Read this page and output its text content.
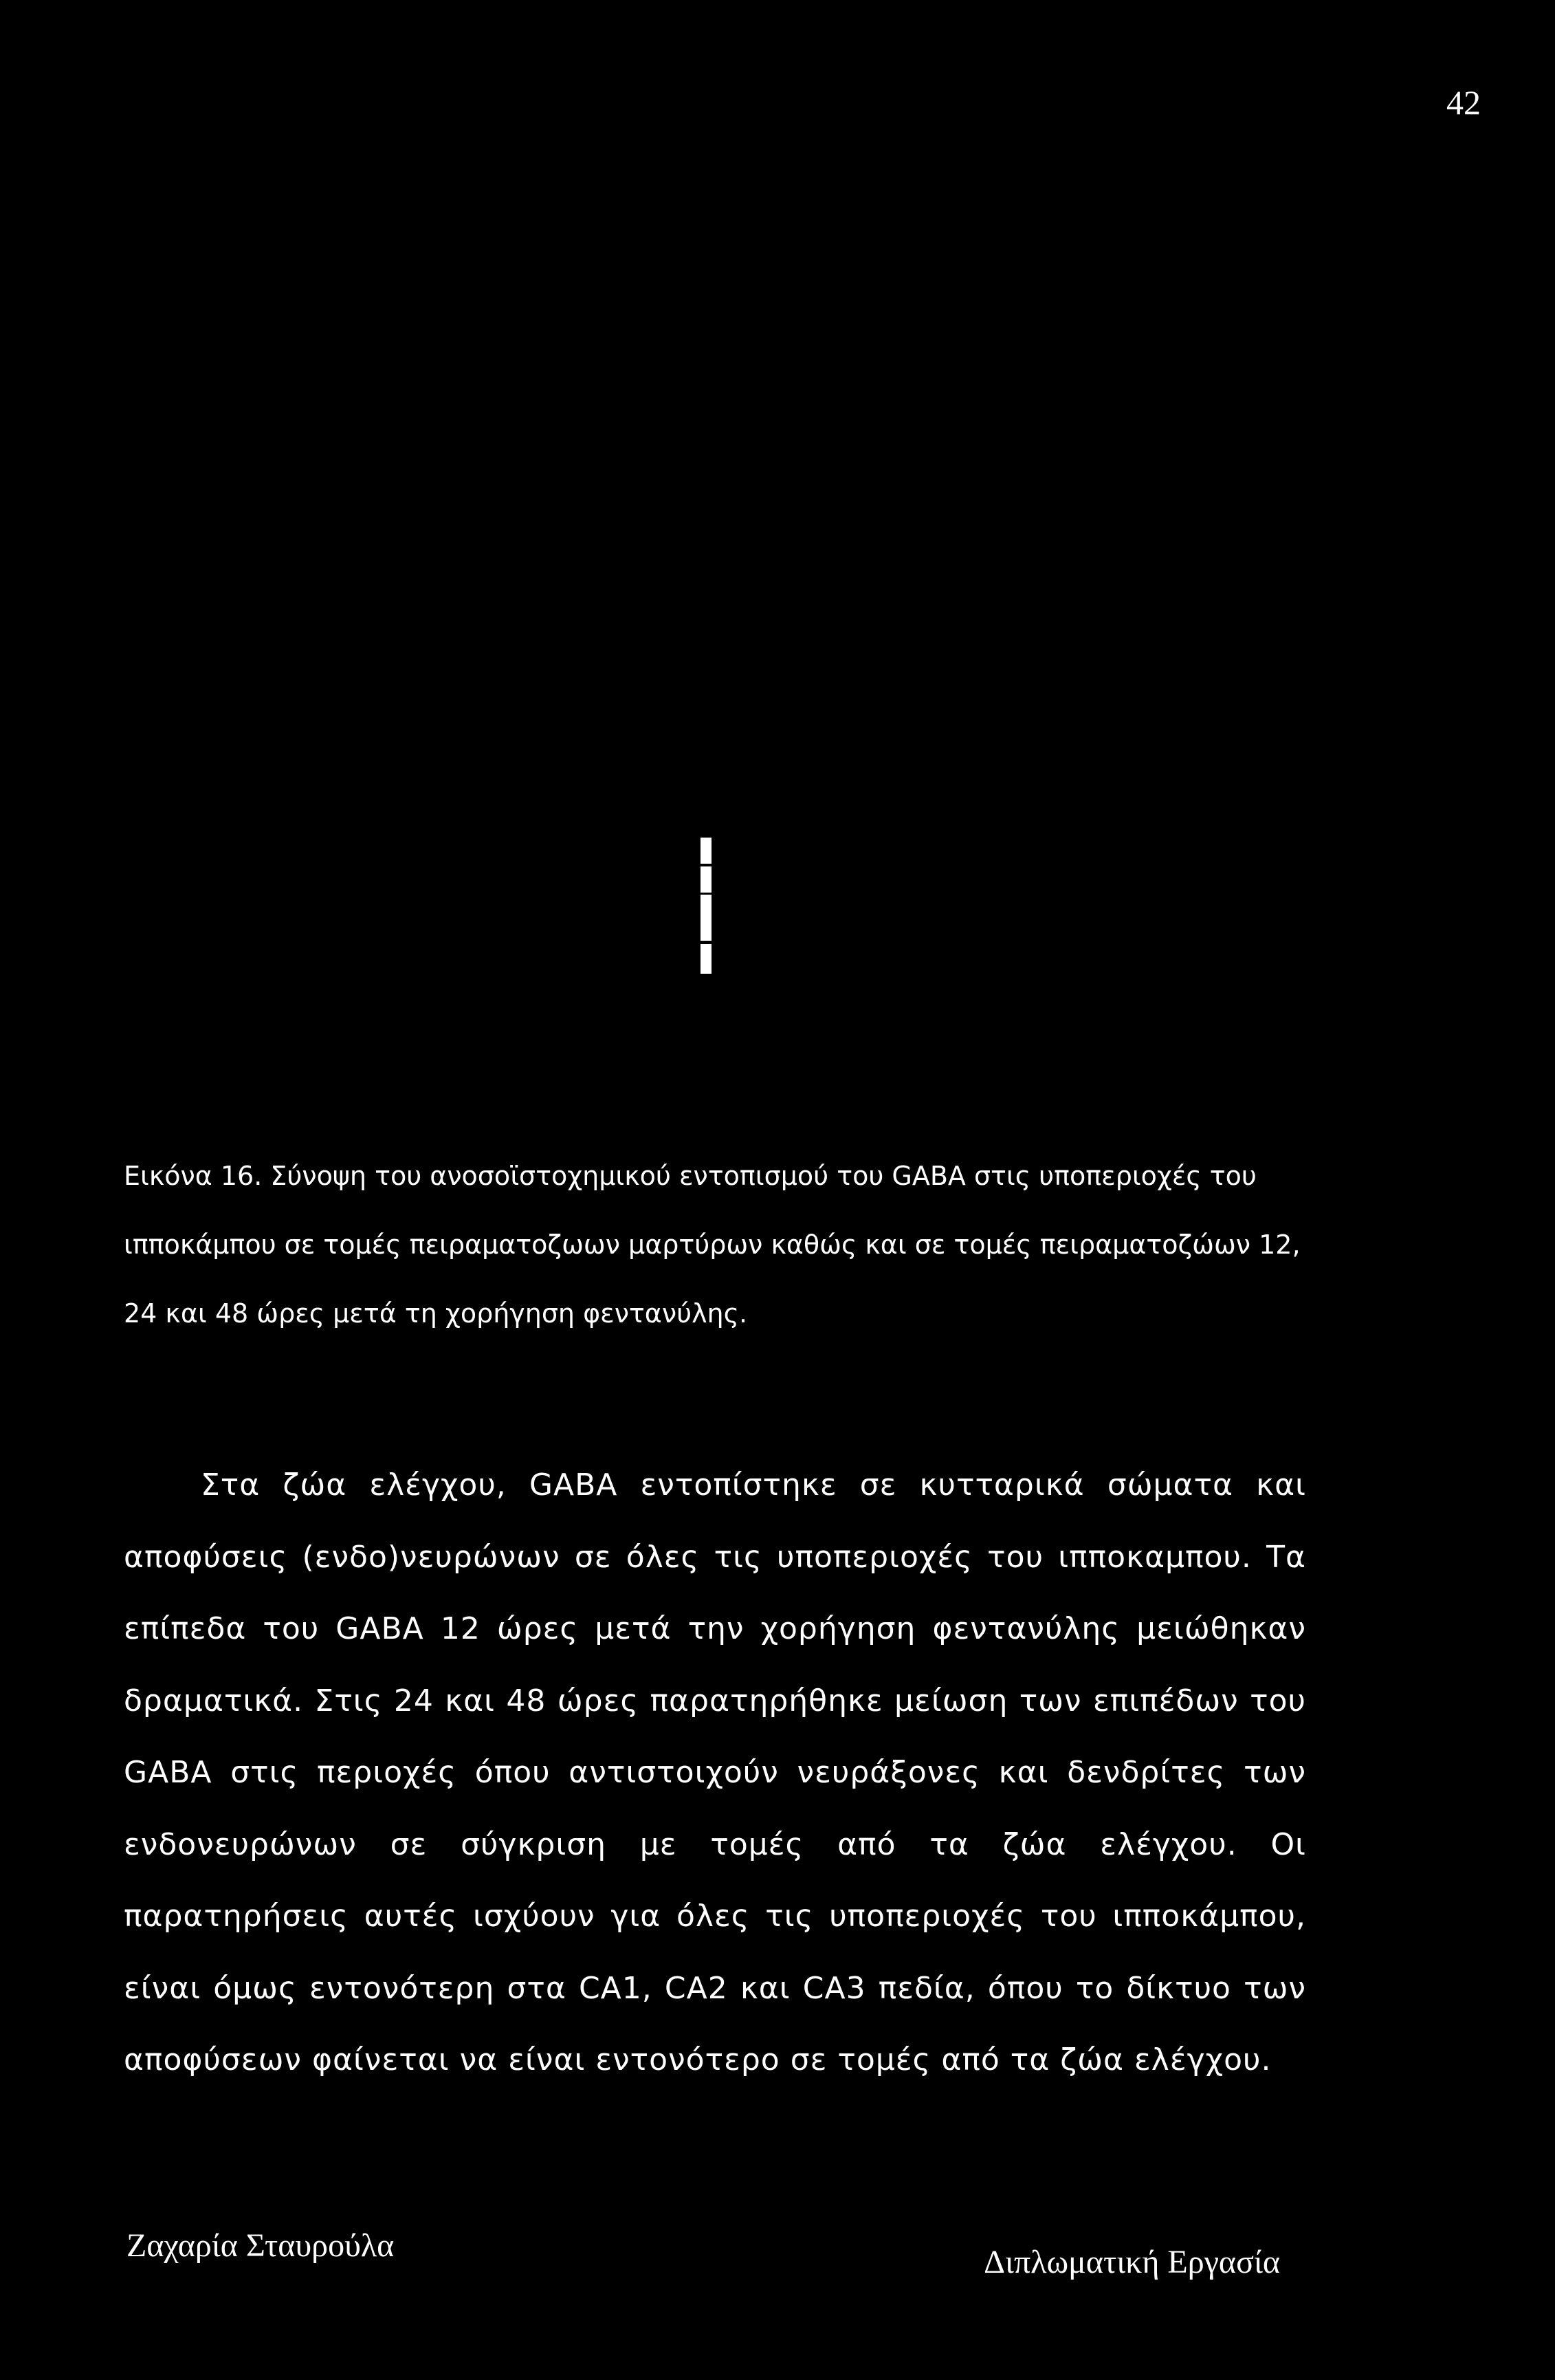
42

Εικόνα 16. Σύνοψη του ανοσοϊστοχημικού εντοπισμού του GABA στις υποπεριοχές του ιπποκάμπου σε τομές πειραματοζωων μαρτύρων καθώς και σε τομές πειραματοζώων 12, 24 και 48 ώρες μετά τη χορήγηση φεντανύλης.

Στα ζώα ελέγχου, GABA εντοπίστηκε σε κυτταρικά σώματα και αποφύσεις (ενδο)νευρώνων σε όλες τις υποπεριοχές του ιπποκαμπου. Τα επίπεδα του GABA 12 ώρες μετά την χορήγηση φεντανύλης μειώθηκαν δραματικά. Στις 24 και 48 ώρες παρατηρήθηκε μείωση των επιπέδων του GABA στις περιοχές όπου αντιστοιχούν νευράξονες και δενδρίτες των ενδονευρώνων σε σύγκριση με τομές από τα ζώα ελέγχου. Οι παρατηρήσεις αυτές ισχύουν για όλες τις υποπεριοχές του ιπποκάμπου, είναι όμως εντονότερη στα CA1, CA2 και CA3 πεδία, όπου το δίκτυο των αποφύσεων φαίνεται να είναι εντονότερο σε τομές από τα ζώα ελέγχου.

Ζαχαρία Σταυρούλα	Διπλωματική Εργασία
